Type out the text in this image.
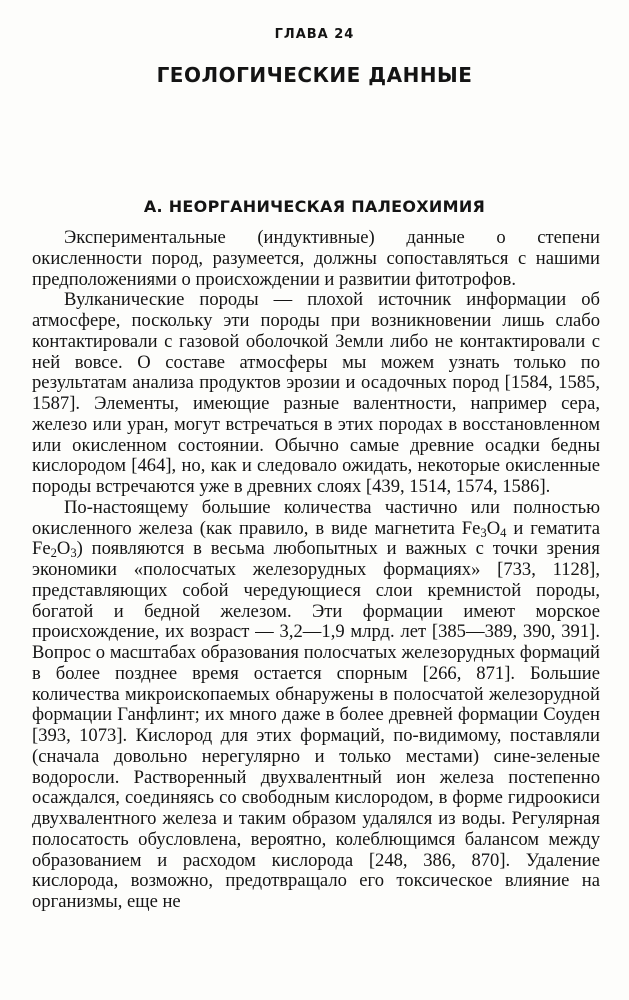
ГЛАВА 24
ГЕОЛОГИЧЕСКИЕ ДАННЫЕ
А. НЕОРГАНИЧЕСКАЯ ПАЛЕОХИМИЯ

Экспериментальные (индуктивные) данные о степени окисленности пород, разумеется, должны сопоставляться с нашими предположениями о происхождении и развитии фитотрофов.

Вулканические породы — плохой источник информации об атмосфере, поскольку эти породы при возникновении лишь слабо контактировали с газовой оболочкой Земли либо не контактировали с ней вовсе. О составе атмосферы мы можем узнать только по результатам анализа продуктов эрозии и осадочных пород [1584, 1585, 1587]. Элементы, имеющие разные валентности, например сера, железо или уран, могут встречаться в этих породах в восстановленном или окисленном состоянии. Обычно самые древние осадки бедны кислородом [464], но, как и следовало ожидать, некоторые окисленные породы встречаются уже в древних слоях [439, 1514, 1574, 1586].

По-настоящему большие количества частично или полностью окисленного железа (как правило, в виде магнетита $Fe_3O_4$ и гематита $Fe_2O_3$) появляются в весьма любопытных и важных с точки зрения экономики «полосчатых железорудных формациях» [733, 1128], представляющих собой чередующиеся слои кремнистой породы, богатой и бедной железом. Эти формации имеют морское происхождение, их возраст — 3,2—1,9 млрд. лет [385—389, 390, 391]. Вопрос о масштабах образования полосчатых железорудных формаций в более позднее время остается спорным [266, 871]. Большие количества микроископаемых обнаружены в полосчатой железорудной формации Ганфлинт; их много даже в более древней формации Соуден [393, 1073]. Кислород для этих формаций, по-видимому, поставляли (сначала довольно нерегулярно и только местами) сине-зеленые водоросли. Растворенный двухвалентный ион железа постепенно осаждался, соединяясь со свободным кислородом, в форме гидроокиси двухвалентного железа и таким образом удалялся из воды. Регулярная полосатость обусловлена, вероятно, колеблющимся балансом между образованием и расходом кислорода [248, 386, 870]. Удаление кислорода, возможно, предотвращало его токсическое влияние на организмы, еще не
